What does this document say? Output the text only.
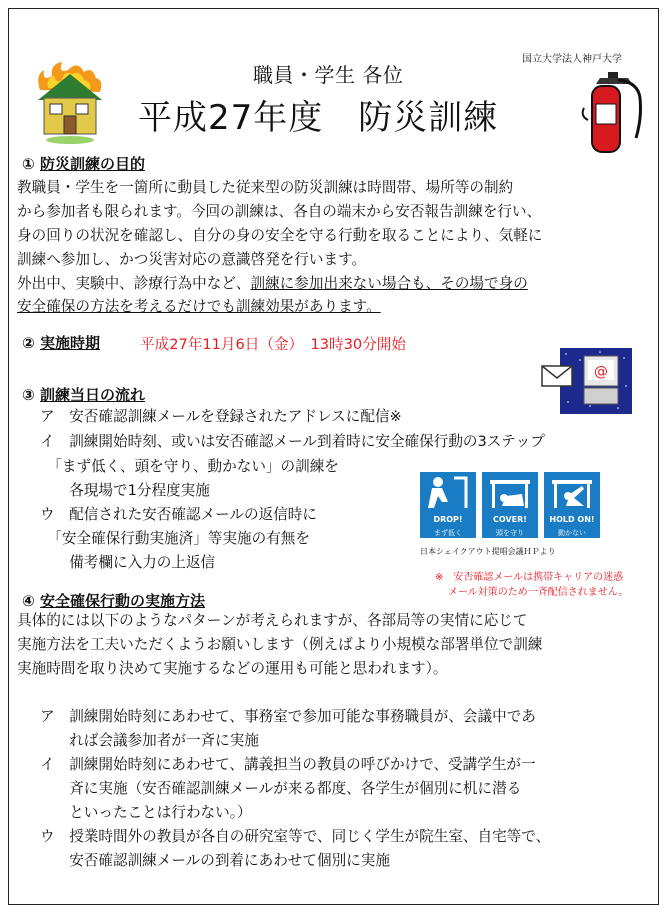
国立大学法人神戸大学
職員・学生 各位
平成27年度　防災訓練
① 防災訓練の目的
教職員・学生を一箇所に動員した従来型の防災訓練は時間帯、場所等の制約
から参加者も限られます。今回の訓練は、各自の端末から安否報告訓練を行い、
身の回りの状況を確認し、自分の身の安全を守る行動を取ることにより、気軽に
訓練へ参加し、かつ災害対応の意識啓発を行います。
外出中、実験中、診療行為中など、訓練に参加出来ない場合も、その場で身の
安全確保の方法を考えるだけでも訓練効果があります。
② 実施時期	平成27年11月6日（金）　13時30分開始
@
③ 訓練当日の流れ
ア　安否確認訓練メールを登録されたアドレスに配信※
イ　訓練開始時刻、或いは安否確認メール到着時に安全確保行動の3ステップ
　「まず低く、頭を守り、動かない」の訓練を
　　各現場で1分程度実施
ウ　配信された安否確認メールの返信時に
　「安全確保行動実施済」等実施の有無を
　　備考欄に入力の上返信
DROP!
まず低く
COVER!
頭を守り
HOLD ON!
動かない
日本シェイクアウト提唱会議ＨＰより
※　安否確認メールは携帯キャリアの迷惑
メール対策のため一斉配信されません。
④ 安全確保行動の実施方法
具体的には以下のようなパターンが考えられますが、各部局等の実情に応じて
実施方法を工夫いただくようお願いします（例えばより小規模な部署単位で訓練
実施時間を取り決めて実施するなどの運用も可能と思われます）。
ア　訓練開始時刻にあわせて、事務室で参加可能な事務職員が、会議中であ
　　れば会議参加者が一斉に実施
イ　訓練開始時刻にあわせて、講義担当の教員の呼びかけで、受講学生が一
　　斉に実施（安否確認訓練メールが来る都度、各学生が個別に机に潜る
　　といったことは行わない。）
ウ　授業時間外の教員が各自の研究室等で、同じく学生が院生室、自宅等で、
　　安否確認訓練メールの到着にあわせて個別に実施
